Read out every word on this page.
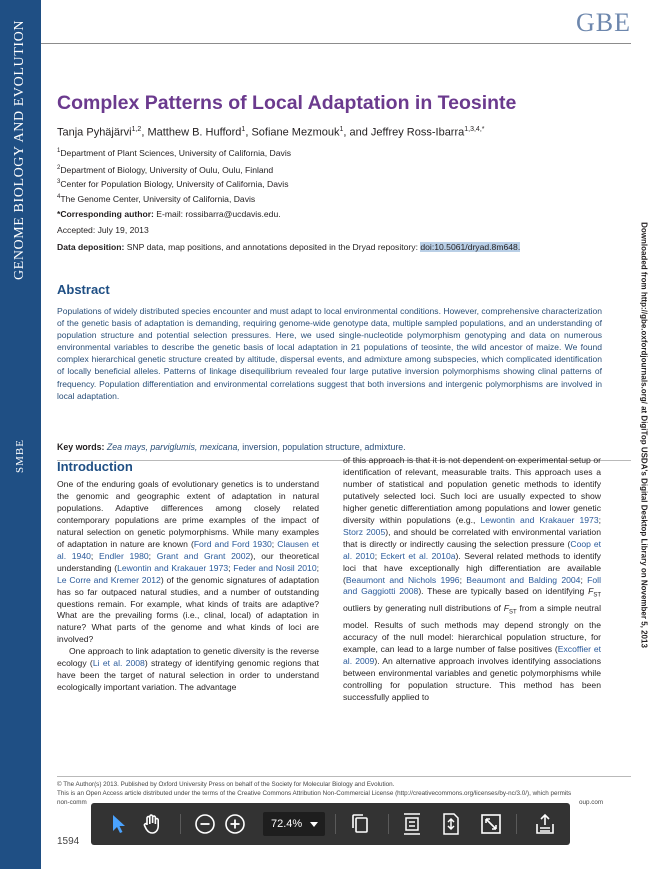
GENOME BIOLOGY AND EVOLUTION
SMBE
GBE
Complex Patterns of Local Adaptation in Teosinte
Tanja Pyhäjärvi$^{1,2}$, Matthew B. Hufford$^1$, Sofiane Mezmouk$^1$, and Jeffrey Ross-Ibarra$^{1,3,4,*}$
$^1$Department of Plant Sciences, University of California, Davis
$^2$Department of Biology, University of Oulu, Oulu, Finland
$^3$Center for Population Biology, University of California, Davis
$^4$The Genome Center, University of California, Davis
*Corresponding author: E-mail: rossibarra@ucdavis.edu.
Accepted: July 19, 2013
Data deposition: SNP data, map positions, and annotations deposited in the Dryad repository: doi:10.5061/dryad.8m648.
Abstract
Populations of widely distributed species encounter and must adapt to local environmental conditions. However, comprehensive characterization of the genetic basis of adaptation is demanding, requiring genome-wide genotype data, multiple sampled populations, and an understanding of population structure and potential selection pressures. Here, we used single-nucleotide polymorphism genotyping and data on numerous environmental variables to describe the genetic basis of local adaptation in 21 populations of teosinte, the wild ancestor of maize. We found complex hierarchical genetic structure created by altitude, dispersal events, and admixture among subspecies, which complicated identification of locally beneficial alleles. Patterns of linkage disequilibrium revealed four large putative inversion polymorphisms showing clinal patterns of frequency. Population differentiation and environmental correlations suggest that both inversions and intergenic polymorphisms are involved in local adaptation.
Key words: Zea mays, parviglumis, mexicana, inversion, population structure, admixture.
Introduction

One of the enduring goals of evolutionary genetics is to understand the genomic and geographic extent of adaptation in natural populations. Adaptive differences among closely related contemporary populations are prime examples of the impact of natural selection on genetic polymorphisms. While many examples of adaptation in nature are known (Ford and Ford 1930; Clausen et al. 1940; Endler 1980; Grant and Grant 2002), our theoretical understanding (Lewontin and Krakauer 1973; Feder and Nosil 2010; Le Corre and Kremer 2012) of the genomic signatures of adaptation has so far outpaced natural studies, and a number of outstanding questions remain. For example, what kinds of traits are adaptive? What are the prevailing forms (i.e., clinal, local) of adaptation in nature? What parts of the genome and what kinds of loci are involved?

One approach to link adaptation to genetic diversity is the reverse ecology (Li et al. 2008) strategy of identifying genomic regions that have been the target of natural selection in order to understand ecologically important variation. The advantage

of this approach is that it is not dependent on experimental setup or identification of relevant, measurable traits. This approach uses a number of statistical and population genetic methods to identify putatively selected loci. Such loci are usually expected to show higher genetic differentiation among populations and lower genetic diversity within populations (e.g., Lewontin and Krakauer 1973; Storz 2005), and should be correlated with environmental variation that is directly or indirectly causing the selection pressure (Coop et al. 2010; Eckert et al. 2010a). Several related methods to identify loci that have exceptionally high differentiation are available (Beaumont and Nichols 1996; Beaumont and Balding 2004; Foll and Gaggiotti 2008). These are typically based on identifying $F_{ST}$ outliers by generating null distributions of $F_{ST}$ from a simple neutral model. Results of such methods may depend strongly on the accuracy of the null model: hierarchical population structure, for example, can lead to a large number of false positives (Excoffier et al. 2009). An alternative approach involves identifying associations between environmental variables and genetic polymorphisms while controlling for population structure. This method has been successfully applied to

© The Author(s) 2013. Published by Oxford University Press on behalf of the Society for Molecular Biology and Evolution.
This is an Open Access article distributed under the terms of the Creative Commons Attribution Non-Commercial License (http://creativecommons.org/licenses/by-nc/3.0/), which permits
non-comm	oup.com
1594
Downloaded from http://gbe.oxfordjournals.org/ at DigiTop USDA's Digital Desktop Library on November 5, 2013
72.4%
